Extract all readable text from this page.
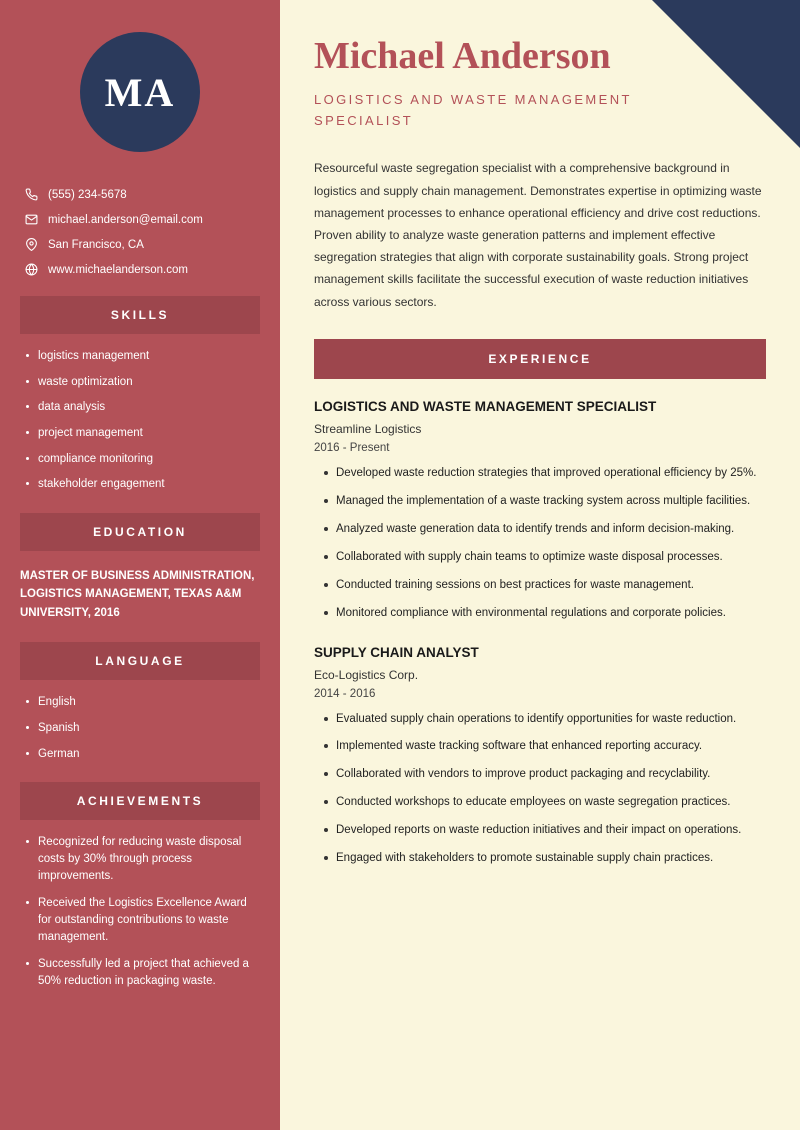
MA
(555) 234-5678
michael.anderson@email.com
San Francisco, CA
www.michaelanderson.com
SKILLS
logistics management
waste optimization
data analysis
project management
compliance monitoring
stakeholder engagement
EDUCATION
MASTER OF BUSINESS ADMINISTRATION, LOGISTICS MANAGEMENT, TEXAS A&M UNIVERSITY, 2016
LANGUAGE
English
Spanish
German
ACHIEVEMENTS
Recognized for reducing waste disposal costs by 30% through process improvements.
Received the Logistics Excellence Award for outstanding contributions to waste management.
Successfully led a project that achieved a 50% reduction in packaging waste.
Michael Anderson
LOGISTICS AND WASTE MANAGEMENT SPECIALIST
Resourceful waste segregation specialist with a comprehensive background in logistics and supply chain management. Demonstrates expertise in optimizing waste management processes to enhance operational efficiency and drive cost reductions. Proven ability to analyze waste generation patterns and implement effective segregation strategies that align with corporate sustainability goals. Strong project management skills facilitate the successful execution of waste reduction initiatives across various sectors.
EXPERIENCE
LOGISTICS AND WASTE MANAGEMENT SPECIALIST
Streamline Logistics
2016 - Present
Developed waste reduction strategies that improved operational efficiency by 25%.
Managed the implementation of a waste tracking system across multiple facilities.
Analyzed waste generation data to identify trends and inform decision-making.
Collaborated with supply chain teams to optimize waste disposal processes.
Conducted training sessions on best practices for waste management.
Monitored compliance with environmental regulations and corporate policies.
SUPPLY CHAIN ANALYST
Eco-Logistics Corp.
2014 - 2016
Evaluated supply chain operations to identify opportunities for waste reduction.
Implemented waste tracking software that enhanced reporting accuracy.
Collaborated with vendors to improve product packaging and recyclability.
Conducted workshops to educate employees on waste segregation practices.
Developed reports on waste reduction initiatives and their impact on operations.
Engaged with stakeholders to promote sustainable supply chain practices.
